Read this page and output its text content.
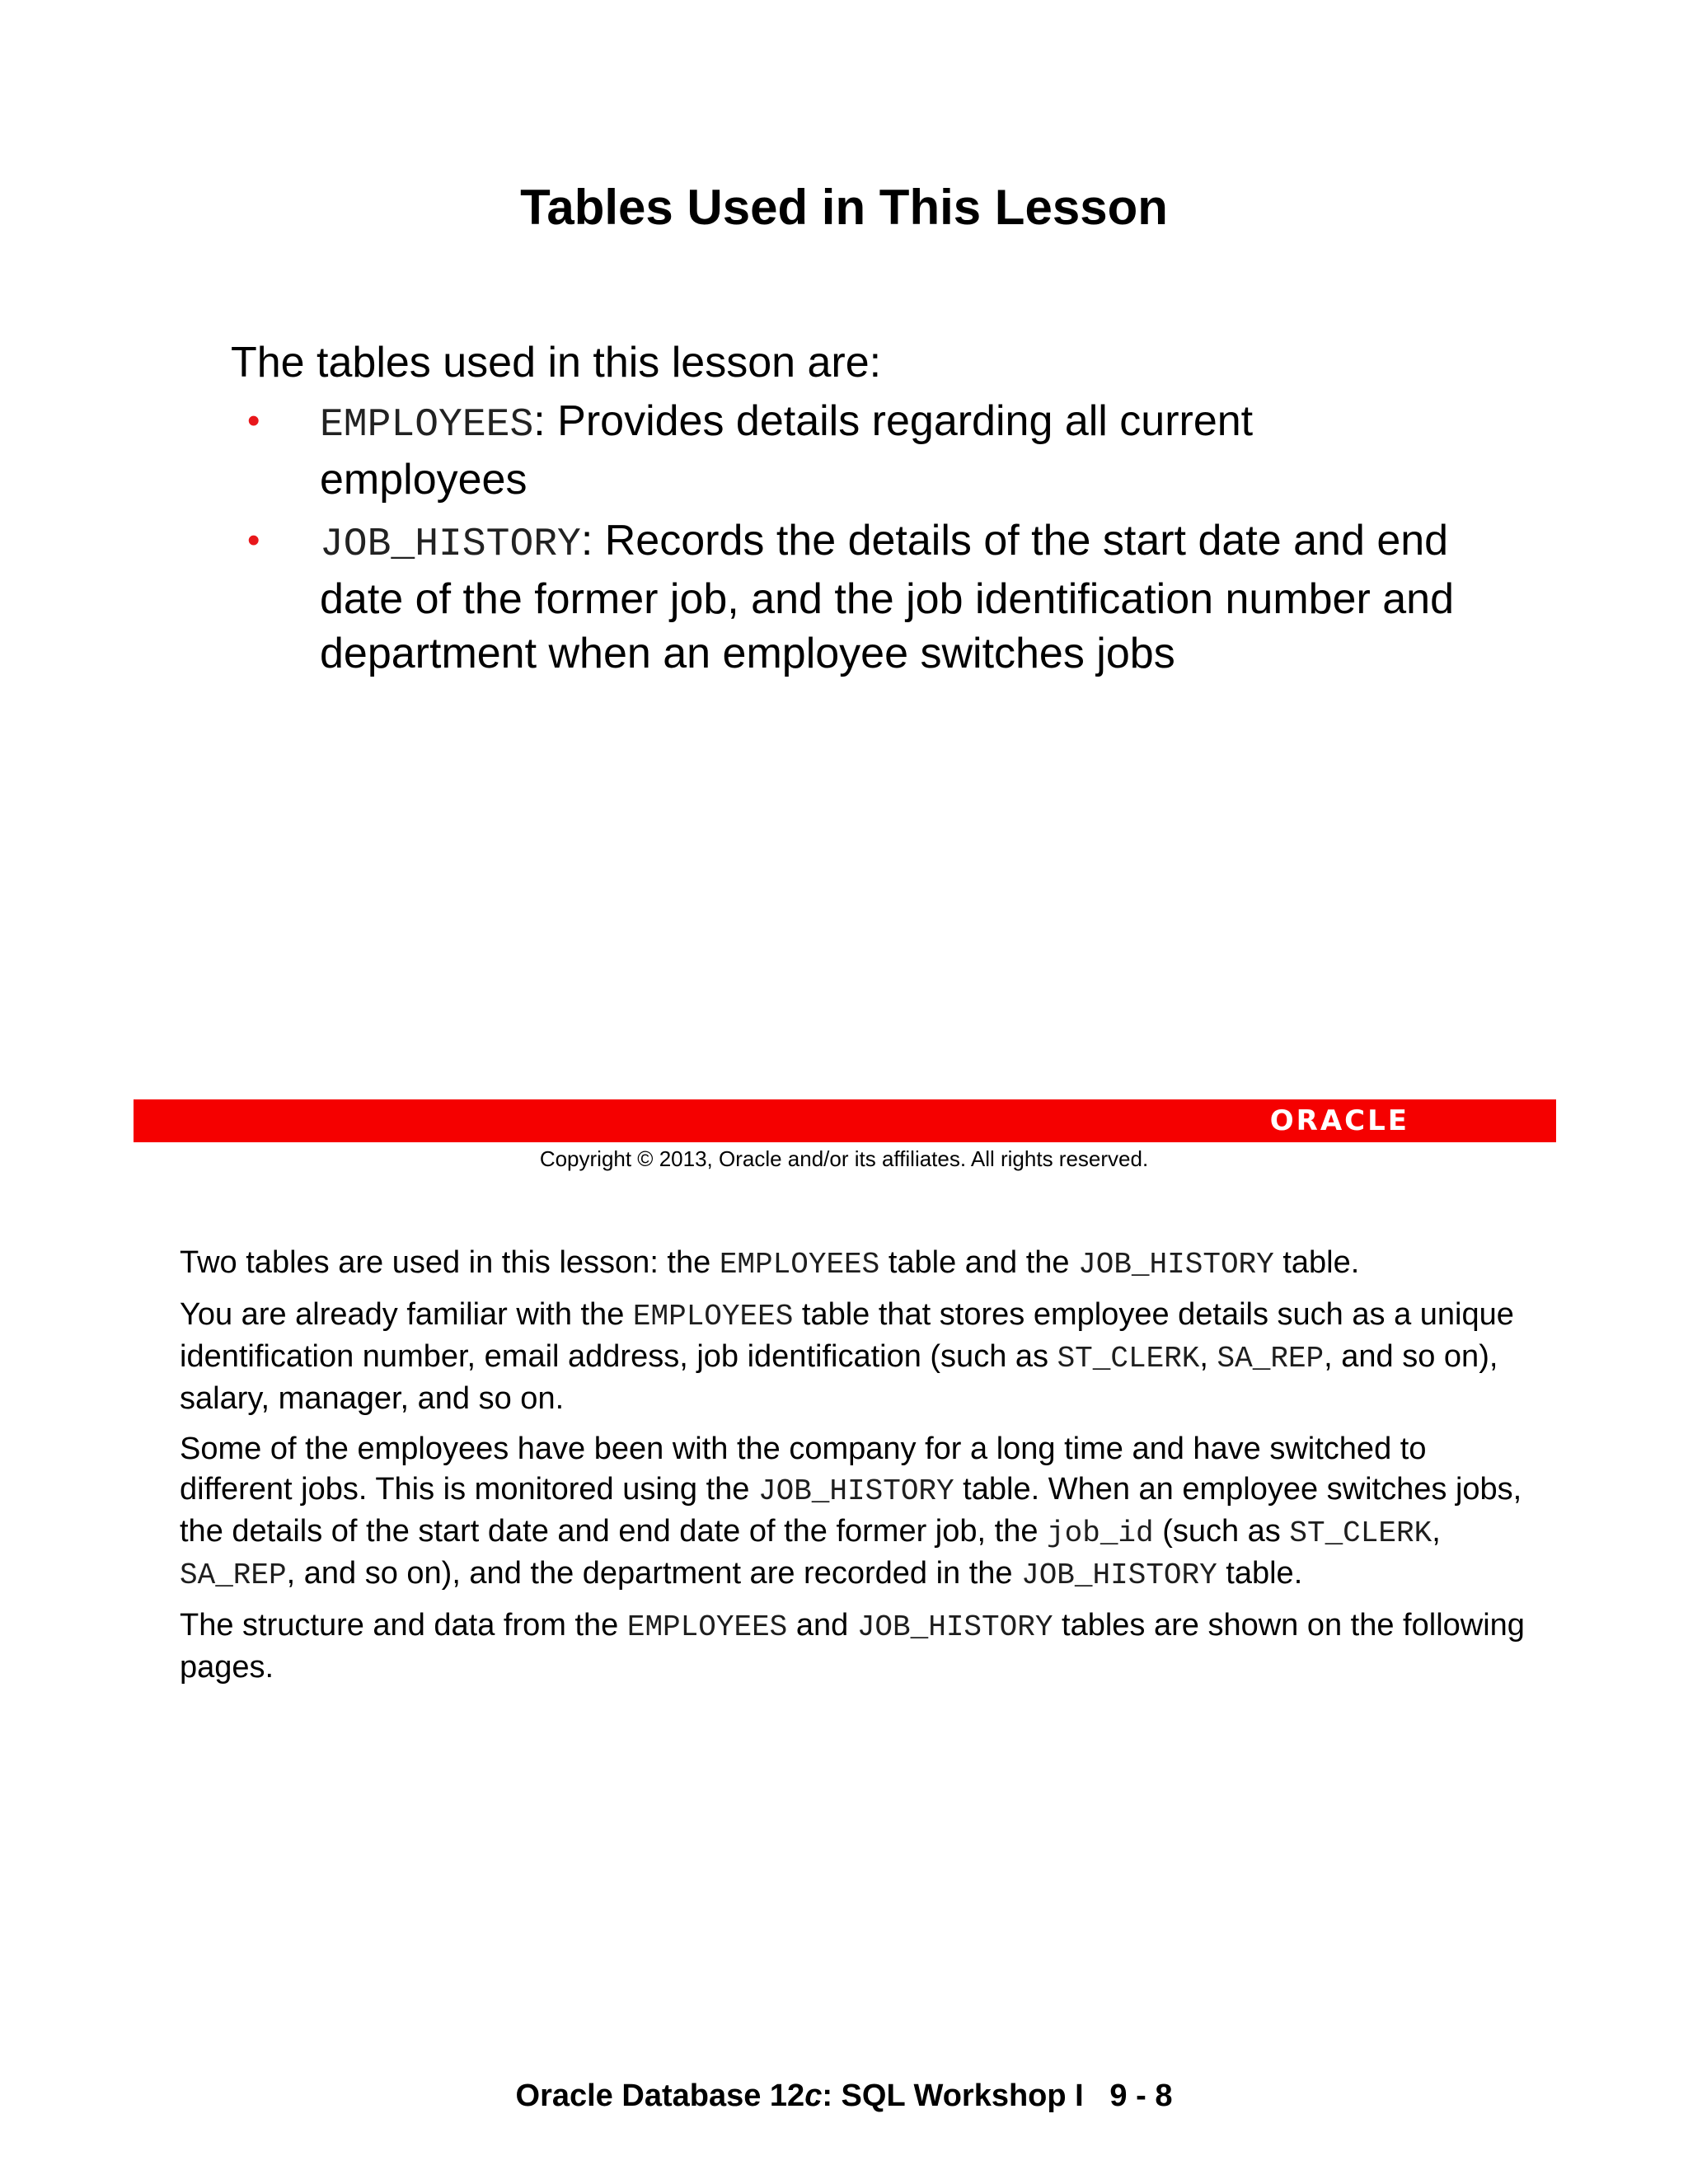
Tables Used in This Lesson
The tables used in this lesson are:
• EMPLOYEES: Provides details regarding all current employees
• JOB_HISTORY: Records the details of the start date and end date of the former job, and the job identification number and department when an employee switches jobs
ORACLE
Copyright © 2013, Oracle and/or its affiliates. All rights reserved.

Two tables are used in this lesson: the EMPLOYEES table and the JOB_HISTORY table.

You are already familiar with the EMPLOYEES table that stores employee details such as a unique identification number, email address, job identification (such as ST_CLERK, SA_REP, and so on), salary, manager, and so on.

Some of the employees have been with the company for a long time and have switched to different jobs. This is monitored using the JOB_HISTORY table. When an employee switches jobs, the details of the start date and end date of the former job, the job_id (such as ST_CLERK, SA_REP, and so on), and the department are recorded in the JOB_HISTORY table.

The structure and data from the EMPLOYEES and JOB_HISTORY tables are shown on the following pages.

Oracle Database 12c: SQL Workshop I 9 - 8
